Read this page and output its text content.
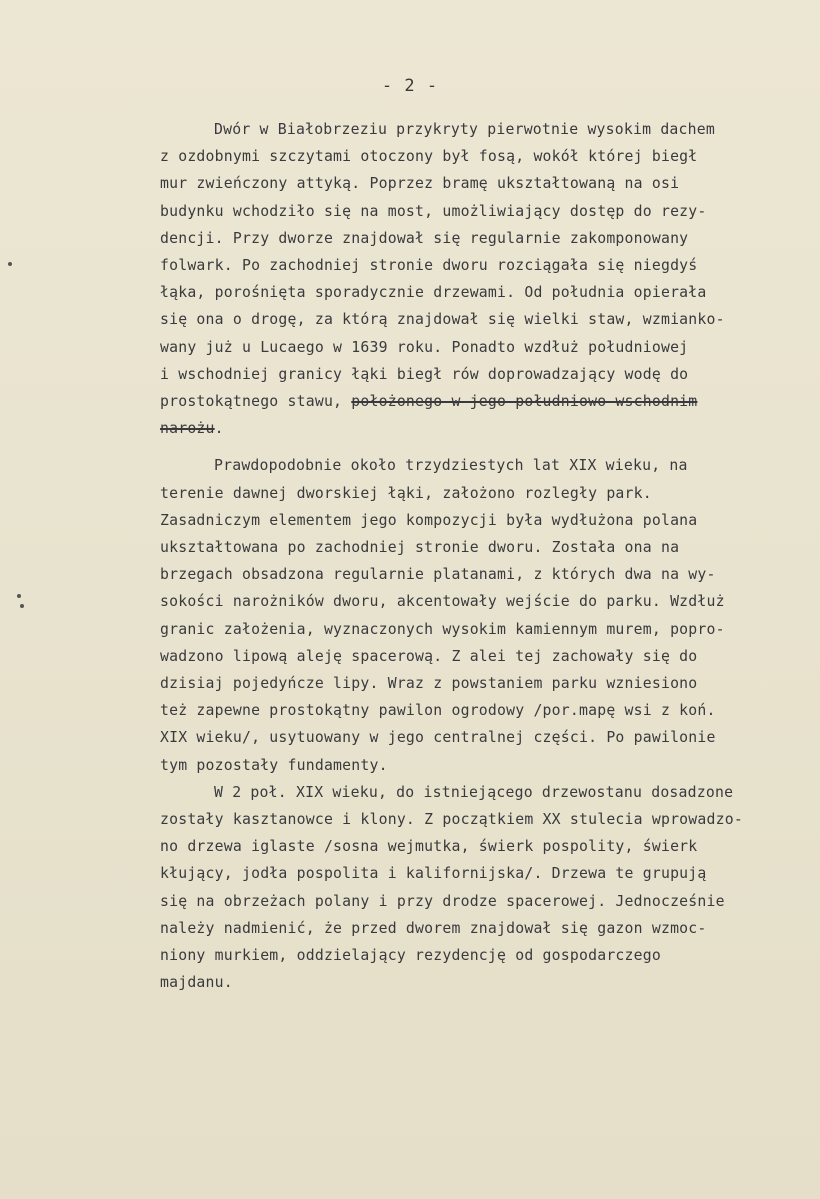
- 2 -
Dwór w Białobrzeziu przykryty pierwotnie wysokim dachem
z ozdobnymi szczytami otoczony był fosą, wokół której biegł
mur zwieńczony attyką. Poprzez bramę ukształtowaną na osi
budynku wchodziło się na most, umożliwiający dostęp do rezy-
dencji. Przy dworze znajdował się regularnie zakomponowany
folwark. Po zachodniej stronie dworu rozciągała się niegdyś
łąka, porośnięta sporadycznie drzewami. Od południa opierała
się ona o drogę, za którą znajdował się wielki staw, wzmianko-
wany już u Lucaego w 1639 roku. Ponadto wzdłuż południowej
i wschodniej granicy łąki biegł rów doprowadzający wodę do
prostokątnego stawu, położonego w jego południowo-wschodnim
narożu.
Prawdopodobnie około trzydziestych lat XIX wieku, na
terenie dawnej dworskiej łąki, założono rozległy park.
Zasadniczym elementem jego kompozycji była wydłużona polana
ukształtowana po zachodniej stronie dworu. Została ona na
brzegach obsadzona regularnie platanami, z których dwa na wy-
sokości narożników dworu, akcentowały wejście do parku. Wzdłuż
granic założenia, wyznaczonych wysokim kamiennym murem, popro-
wadzono lipową aleję spacerową. Z alei tej zachowały się do
dzisiaj pojedyńcze lipy. Wraz z powstaniem parku wzniesiono
też zapewne prostokątny pawilon ogrodowy /por.mapę wsi z koń.
XIX wieku/, usytuowany w jego centralnej części. Po pawilonie
tym pozostały fundamenty.
W 2 poł. XIX wieku, do istniejącego drzewostanu dosadzone
zostały kasztanowce i klony. Z początkiem XX stulecia wprowadzo-
no drzewa iglaste /sosna wejmutka, świerk pospolity, świerk
kłujący, jodła pospolita i kalifornijska/. Drzewa te grupują
się na obrzeżach polany i przy drodze spacerowej. Jednocześnie
należy nadmienić, że przed dworem znajdował się gazon wzmoc-
niony murkiem, oddzielający rezydencję od gospodarczego
majdanu.
